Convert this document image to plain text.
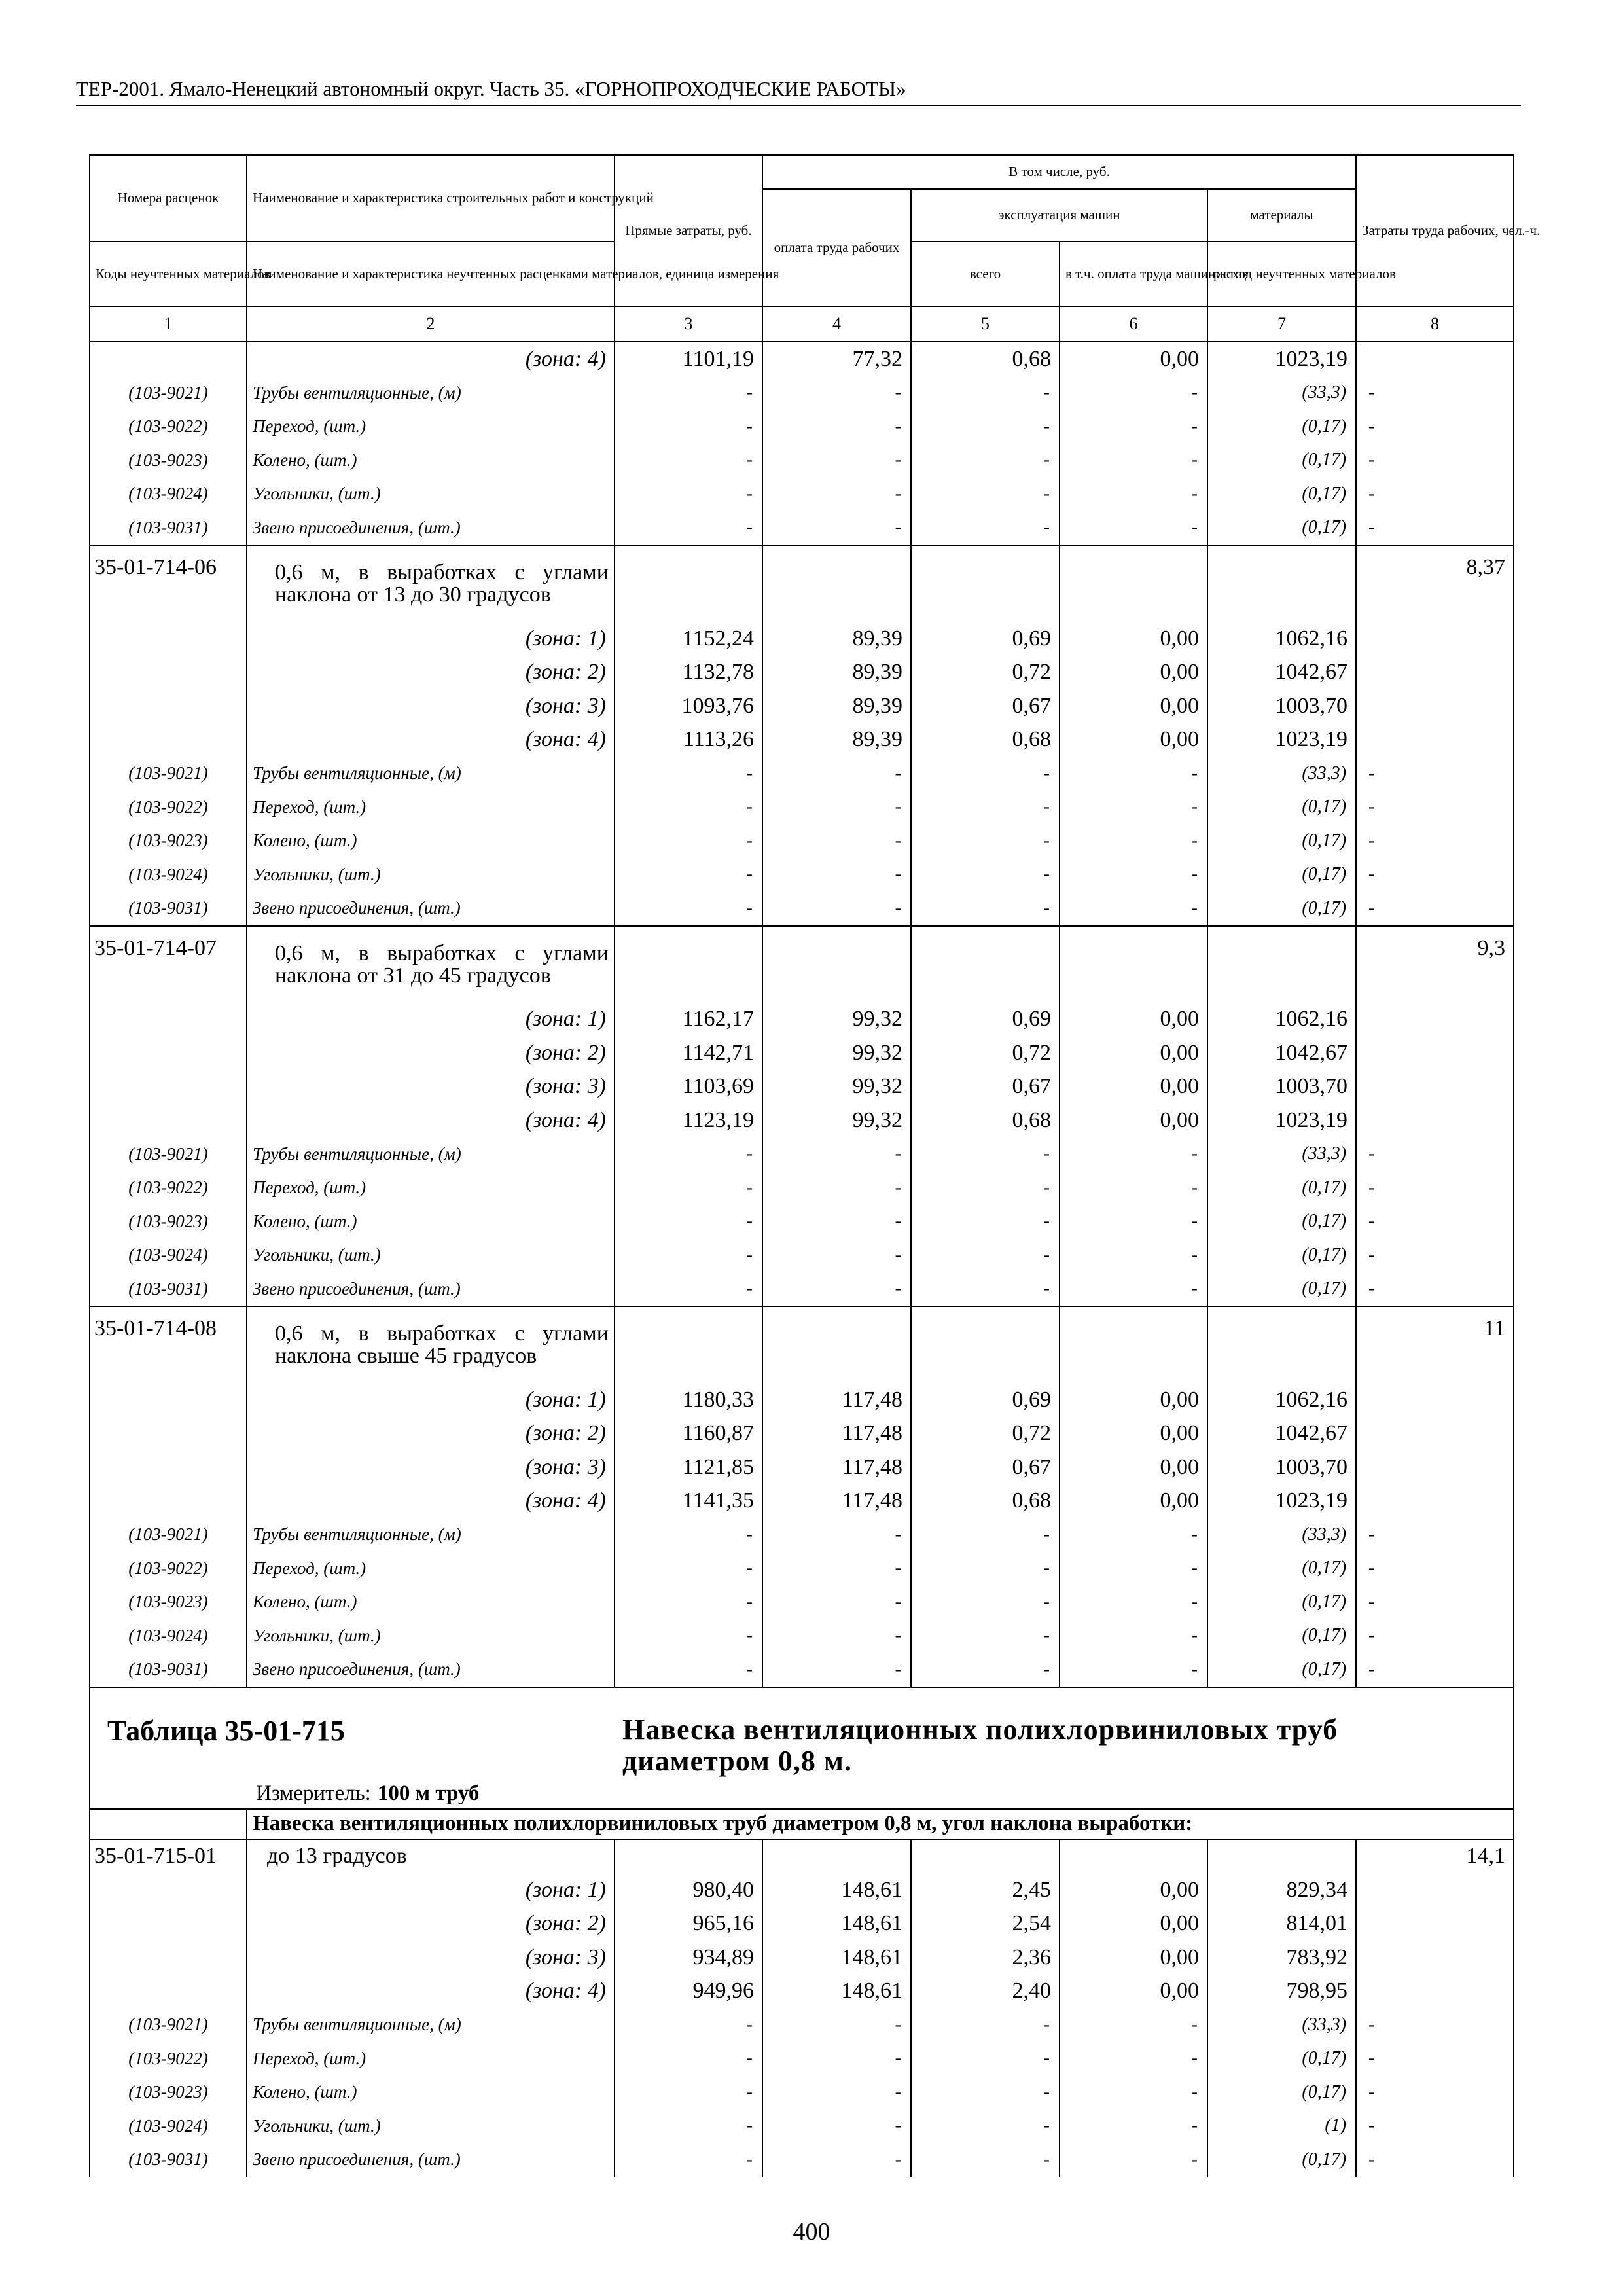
ТЕР-2001. Ямало-Ненецкий автономный округ. Часть 35. «ГОРНОПРОХОДЧЕСКИЕ РАБОТЫ»
Номера расценок	Наименование и характеристика строительных работ и конструкций	Прямые затраты, руб.	В том числе, руб.				Затраты труда рабочих, чел.-ч.
			оплата труда рабочих	эксплуатация машин		материалы	
Коды неучтенных материалов	Наименование и характеристика неучтенных расценками материалов, единица измерения			всего	в т.ч. оплата труда машинистов	расход неучтенных материалов	

1	2	3	4	5	6	7	8
	(зона: 4)	1101,19	77,32	0,68	0,00	1023,19	
(103-9021)	Трубы вентиляционные, (м)	-	-	-	-	(33,3)	-
(103-9022)	Переход, (шт.)	-	-	-	-	(0,17)	-
(103-9023)	Колено, (шт.)	-	-	-	-	(0,17)	-
(103-9024)	Угольники, (шт.)	-	-	-	-	(0,17)	-
(103-9031)	Звено присоединения, (шт.)	-	-	-	-	(0,17)	-
35-01-714-06	0,6 м, в выработках с углами наклона от 13 до 30 градусов						8,37
	(зона: 1)	1152,24	89,39	0,69	0,00	1062,16	
	(зона: 2)	1132,78	89,39	0,72	0,00	1042,67	
	(зона: 3)	1093,76	89,39	0,67	0,00	1003,70	
	(зона: 4)	1113,26	89,39	0,68	0,00	1023,19	
(103-9021)	Трубы вентиляционные, (м)	-	-	-	-	(33,3)	-
(103-9022)	Переход, (шт.)	-	-	-	-	(0,17)	-
(103-9023)	Колено, (шт.)	-	-	-	-	(0,17)	-
(103-9024)	Угольники, (шт.)	-	-	-	-	(0,17)	-
(103-9031)	Звено присоединения, (шт.)	-	-	-	-	(0,17)	-
35-01-714-07	0,6 м, в выработках с углами наклона от 31 до 45 градусов						9,3
	(зона: 1)	1162,17	99,32	0,69	0,00	1062,16	
	(зона: 2)	1142,71	99,32	0,72	0,00	1042,67	
	(зона: 3)	1103,69	99,32	0,67	0,00	1003,70	
	(зона: 4)	1123,19	99,32	0,68	0,00	1023,19	
(103-9021)	Трубы вентиляционные, (м)	-	-	-	-	(33,3)	-
(103-9022)	Переход, (шт.)	-	-	-	-	(0,17)	-
(103-9023)	Колено, (шт.)	-	-	-	-	(0,17)	-
(103-9024)	Угольники, (шт.)	-	-	-	-	(0,17)	-
(103-9031)	Звено присоединения, (шт.)	-	-	-	-	(0,17)	-
35-01-714-08	0,6 м, в выработках с углами наклона свыше 45 градусов						11
	(зона: 1)	1180,33	117,48	0,69	0,00	1062,16	
	(зона: 2)	1160,87	117,48	0,72	0,00	1042,67	
	(зона: 3)	1121,85	117,48	0,67	0,00	1003,70	
	(зона: 4)	1141,35	117,48	0,68	0,00	1023,19	
(103-9021)	Трубы вентиляционные, (м)	-	-	-	-	(33,3)	-
(103-9022)	Переход, (шт.)	-	-	-	-	(0,17)	-
(103-9023)	Колено, (шт.)	-	-	-	-	(0,17)	-
(103-9024)	Угольники, (шт.)	-	-	-	-	(0,17)	-
(103-9031)	Звено присоединения, (шт.)	-	-	-	-	(0,17)	-
Таблица 35-01-715		Навеска вентиляционных полихлорвиниловых труб диаметром 0,8 м.					
	Измеритель: 100 м труб						
	Навеска вентиляционных полихлорвиниловых труб диаметром 0,8 м, угол наклона выработки:						
35-01-715-01	до 13 градусов						14,1
	(зона: 1)	980,40	148,61	2,45	0,00	829,34	
	(зона: 2)	965,16	148,61	2,54	0,00	814,01	
	(зона: 3)	934,89	148,61	2,36	0,00	783,92	
	(зона: 4)	949,96	148,61	2,40	0,00	798,95	
(103-9021)	Трубы вентиляционные, (м)	-	-	-	-	(33,3)	-
(103-9022)	Переход, (шт.)	-	-	-	-	(0,17)	-
(103-9023)	Колено, (шт.)	-	-	-	-	(0,17)	-
(103-9024)	Угольники, (шт.)	-	-	-	-	(1)	-
(103-9031)	Звено присоединения, (шт.)	-	-	-	-	(0,17)	-
400
